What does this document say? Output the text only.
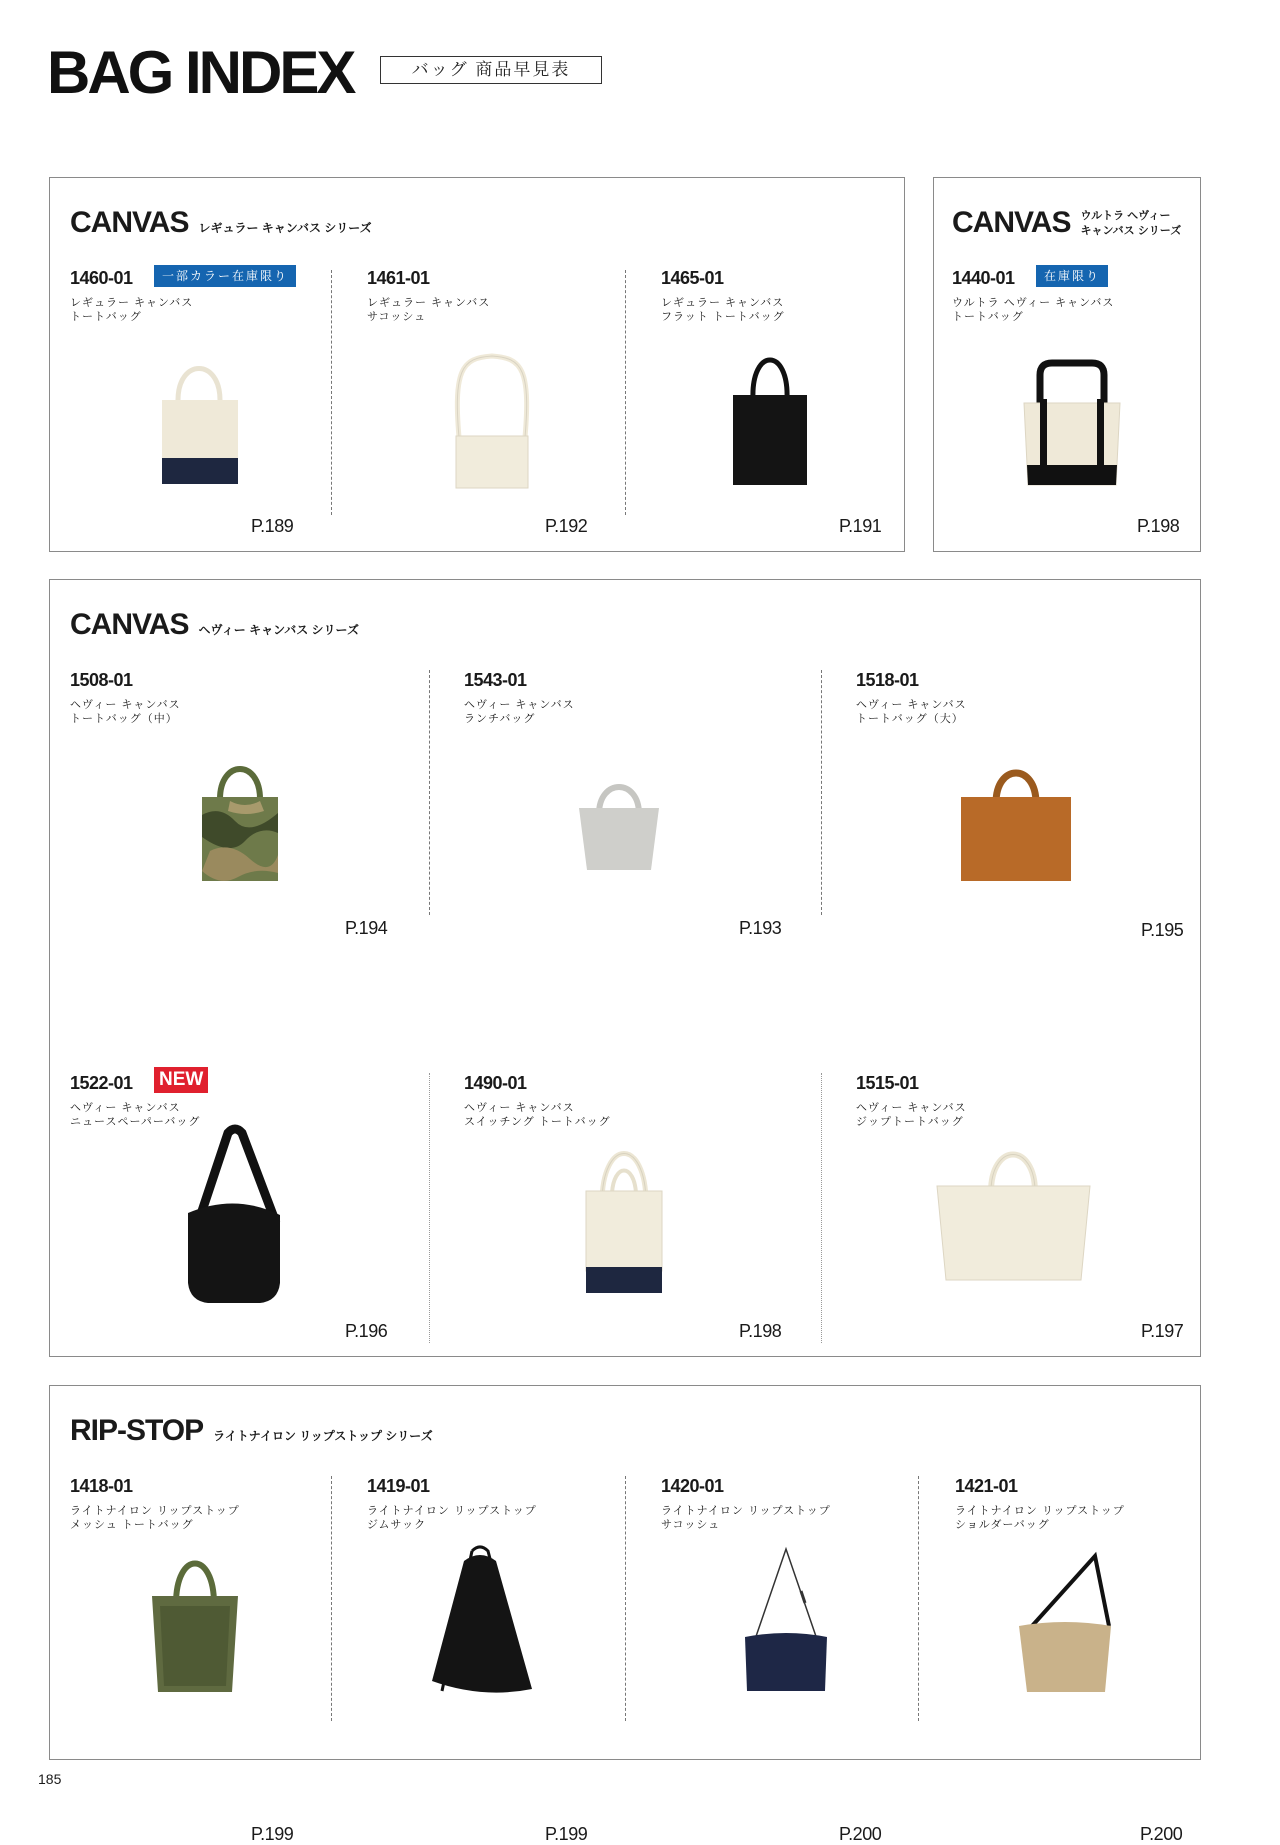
BAG INDEX	バッグ 商品早見表
CANVAS レギュラー キャンバス シリーズ
1460-01	一部カラー在庫限り
レギュラー キャンバス
トートバッグ
P.189
1461-01
レギュラー キャンバス
サコッシュ
P.192
1465-01
レギュラー キャンバス
フラット トートバッグ
P.191
CANVAS ウルトラ ヘヴィー
キャンバス シリーズ
1440-01	在庫限り
ウルトラ ヘヴィー キャンバス
トートバッグ
P.198
CANVAS ヘヴィー キャンバス シリーズ
1508-01
ヘヴィー キャンバス
トートバッグ（中）
P.194
1543-01
ヘヴィー キャンバス
ランチバッグ
P.193
1518-01
ヘヴィー キャンバス
トートバッグ（大）
P.195
1522-01 NEW
ヘヴィー キャンバス
ニュースペーパーバッグ
P.196
1490-01
ヘヴィー キャンバス
スイッチング トートバッグ
P.198
1515-01
ヘヴィー キャンバス
ジップトートバッグ
P.197
RIP-STOP ライトナイロン リップストップ シリーズ
1418-01
ライトナイロン リップストップ
メッシュ トートバッグ
P.199
1419-01
ライトナイロン リップストップ
ジムサック
P.199
1420-01
ライトナイロン リップストップ
サコッシュ
P.200
1421-01
ライトナイロン リップストップ
ショルダーバッグ
P.200
185
